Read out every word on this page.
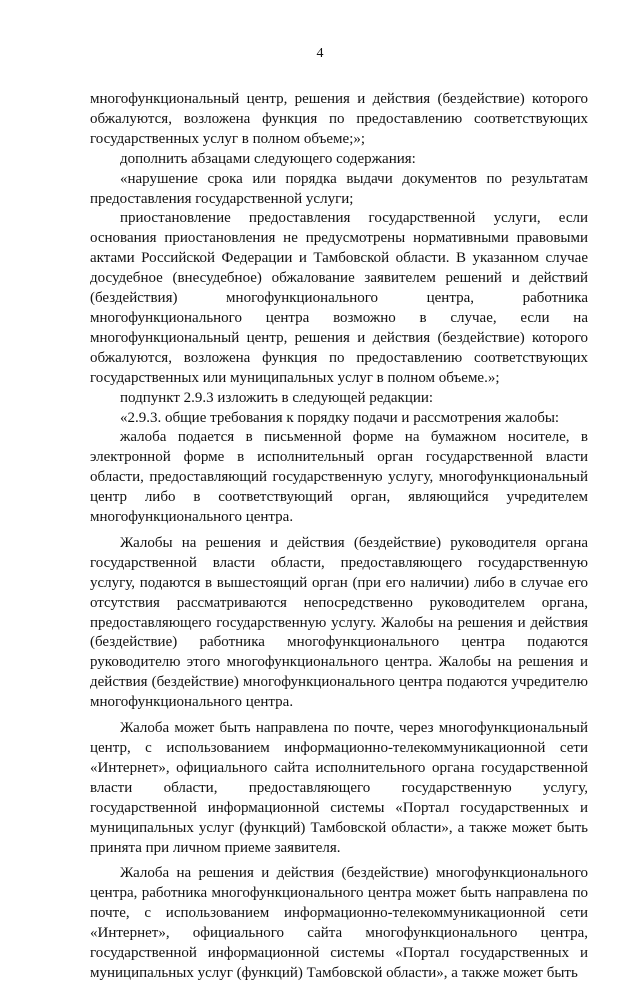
4

многофункциональный центр, решения и действия (бездействие) которого обжалуются, возложена функция по предоставлению соответствующих государственных услуг в полном объеме;»;

дополнить абзацами следующего содержания:

«нарушение срока или порядка выдачи документов по результатам предоставления государственной услуги;

приостановление предоставления государственной услуги, если основания приостановления не предусмотрены нормативными правовыми актами Российской Федерации и Тамбовской области. В указанном случае досудебное (внесудебное) обжалование заявителем решений и действий (бездействия) многофункционального центра, работника многофункционального центра возможно в случае, если на многофункциональный центр, решения и действия (бездействие) которого обжалуются, возложена функция по предоставлению соответствующих государственных или муниципальных услуг в полном объеме.»;

подпункт 2.9.3 изложить в следующей редакции:

«2.9.3. общие требования к порядку подачи и рассмотрения жалобы:

жалоба подается в письменной форме на бумажном носителе, в электронной форме в исполнительный орган государственной власти области, предоставляющий государственную услугу, многофункциональный центр либо в соответствующий орган, являющийся учредителем многофункционального центра.

Жалобы на решения и действия (бездействие) руководителя органа государственной власти области, предоставляющего государственную услугу, подаются в вышестоящий орган (при его наличии) либо в случае его отсутствия рассматриваются непосредственно руководителем органа, предоставляющего государственную услугу. Жалобы на решения и действия (бездействие) работника многофункционального центра подаются руководителю этого многофункционального центра. Жалобы на решения и действия (бездействие) многофункционального центра подаются учредителю многофункционального центра.

Жалоба может быть направлена по почте, через многофункциональный центр, с использованием информационно-телекоммуникационной сети «Интернет», официального сайта исполнительного органа государственной власти области, предоставляющего государственную услугу, государственной информационной системы «Портал государственных и муниципальных услуг (функций) Тамбовской области», а также может быть принята при личном приеме заявителя.

Жалоба на решения и действия (бездействие) многофункционального центра, работника многофункционального центра может быть направлена по почте, с использованием информационно-телекоммуникационной сети «Интернет», официального сайта многофункционального центра, государственной информационной системы «Портал государственных и муниципальных услуг (функций) Тамбовской области», а также может быть
